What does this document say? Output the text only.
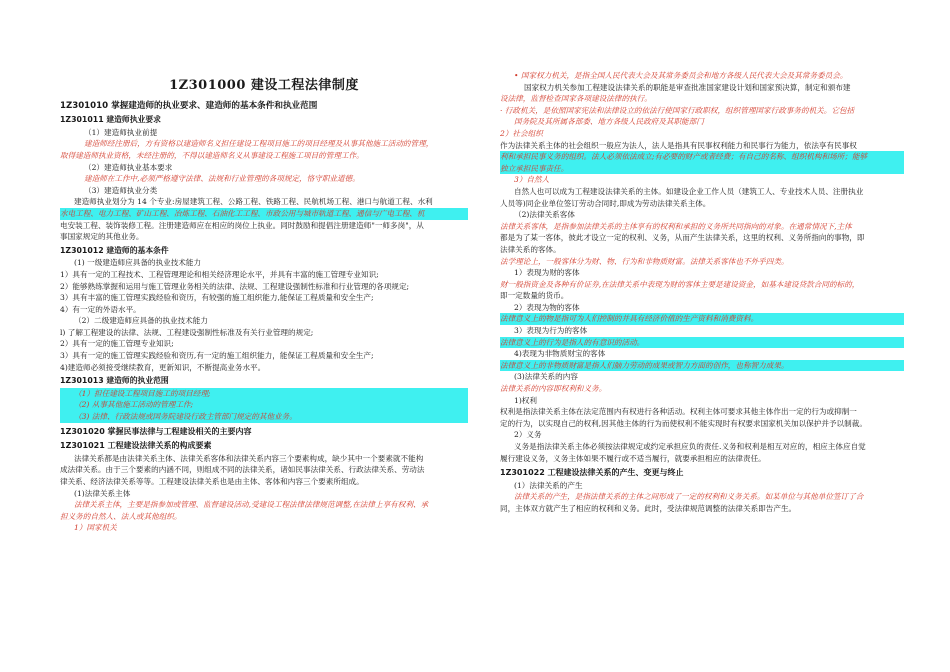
1Z301000 建设工程法律制度
1Z301010 掌握建造师的执业要求、建造师的基本条件和执业范围
1Z301011 建造师执业要求
（1）建造师执业前提
建造师经注册后，方有资格以建造师名义担任建设工程项目施工的项目经理及从事其他施工活动的管理，
取得建造师执业资格，未经注册的，不得以建造师名义从事建设工程施工项目的管理工作。
（2）建造师执业基本要求
建造师在工作中,必须严格遵守法律、法规和行业管理的各项规定，恪守职业道德。
（3）建造师执业分类
建造师执业划分为 14 个专业:房屋建筑工程、公路工程、铁路工程、民航机场工程、港口与航道工程、水利
水电工程、电力工程、矿山工程、冶炼工程、石油化工工程、市政公用与城市轨道工程、通信与广电工程、机
电安装工程、装饰装修工程。注册建造师应在相应的岗位上执业。同时鼓励和提倡注册建造师"一师多岗"，从
事国家规定的其他业务。
1Z301012 建造师的基本条件
(1) 一级建造师应具备的执业技术能力
1）具有一定的工程技术、工程管理理论和相关经济理论水平，并具有丰富的施工管理专业知识;
2）能够熟练掌握和运用与施工管理业务相关的法律、法规、工程建设强制性标准和行业管理的各项规定;
3）具有丰富的施工管理实践经验和资历，有较强的施工组织能力,能保证工程质量和安全生产;
4）有一定的外语水平。
（2）二级建造师应具备的执业技术能力
l) 了解工程建设的法律、法规、工程建设强制性标准及有关行业管理的规定;
2）具有一定的施工管理专业知识;
3）具有一定的施工管理实践经验和资历,有一定的施工组织能力，能保证工程质量和安全生产;
4)建造师必须接受继续教育，更新知识，不断提高业务水平。
1Z301013 建造师的执业范围
（1）担任建设工程项目施工的项目经理;
（2) 从事其他施工活动的管理工作;
（3) 法律、行政法规或国务院建设行政主管部门规定的其他业务。
1Z301020 掌握民事法律与工程建设相关的主要内容
1Z301021 工程建设法律关系的构成要素
法律关系都是由法律关系主体、法律关系客体和法律关系内容三个要素构成，缺少其中一个要素就不能构
成法律关系。由于三个要素的内涵不同，则组成不同的法律关系，诸如民事法律关系、行政法律关系、劳动法
律关系、经济法律关系等等。工程建设法律关系也是由主体、客体和内容三个要素所组成。
(1)法律关系主体
法律关系主体，主要是指参加或管理、监督建设活动,受建设工程法律法律规范调整,在法律上享有权利、承
担义务的自然人、法人或其他组织。
1）国家机关
• 国家权力机关，是指全国人民代表大会及其常务委员会和地方各级人民代表大会及其常务委员会。
国家权力机关参加工程建设法律关系的职能是审查批准国家建设计划和国家预决算，制定和颁布建
设法律，监督检查国家各项建设法律的执行。
· 行政机关，是依照国家宪法和法律设立的依法行使国家行政职权，组织管理国家行政事务的机关。它包括
国务院及其所属各部委、地方各级人民政府及其职能部门
2）社会组织
作为法律关系主体的社会组织一般应为法人，法人是指具有民事权利能力和民事行为能力，依法享有民事权
利和承担民事义务的组织。法人必须依法成立;有必要的财产或者经费；有自己的名称、组织机构和场所；能够
独立承担民事责任。
3）自然人
自然人也可以成为工程建设法律关系的主体。如建设企业工作人员（建筑工人、专业技术人员、注册执业
人员等)同企业单位签订劳动合同时,即成为劳动法律关系主体。
（2)法律关系客体
法律关系客体，是指参加法律关系的主体享有的权利和承担的义务所共同指向的对象。在通常情况下,主体
都是为了某一客体，彼此才设立一定的权利、义务，从而产生法律关系，这里的权利、义务所指向的事物，即
法律关系的客体。
法学理论上，一般客体分为财、物、行为和非物质财富。法律关系客体也不外乎四类。
1）表现为财的客体
财一般指资金及各种有价证券,在法律关系中表现为财的客体主要是建设资金，如基本建设贷款合同的标的，
即一定数量的货币。
2）表现为物的客体
法律意义上的物是指可为人们控制的并具有经济价值的生产资料和消费资料。
3）表现为行为的客体
法律意义上的行为是指人的有意识的活动。
4)表现为非物质财宝的客体
法律意义上的非物质财富是指人们脑力劳动的成果或智力方面的创作，也称智力成果。
(3)法律关系的内容
法律关系的内容即权利和义务。
1)权利
权利是指法律关系主体在法定范围内有权进行各种活动。权利主体可要求其他主体作出一定的行为或抑制一
定的行为，以实现自己的权利,因其他主体的行为而使权利不能实现时有权要求国家机关加以保护并予以制裁。
2）义务
义务是指法律关系主体必须按法律规定或约定承担应负的责任.义务和权利是相互对应的，相应主体应自觉
履行建设义务，义务主体如果不履行或不适当履行，就要承担相应的法律责任。
1Z301022 工程建设法律关系的产生、变更与终止
(1）法律关系的产生
法律关系的产生，是指法律关系的主体之间形成了一定的权利和义务关系。如某单位与其他单位签订了合
同，主体双方就产生了相应的权利和义务。此时，受法律规范调整的法律关系即告产生。
